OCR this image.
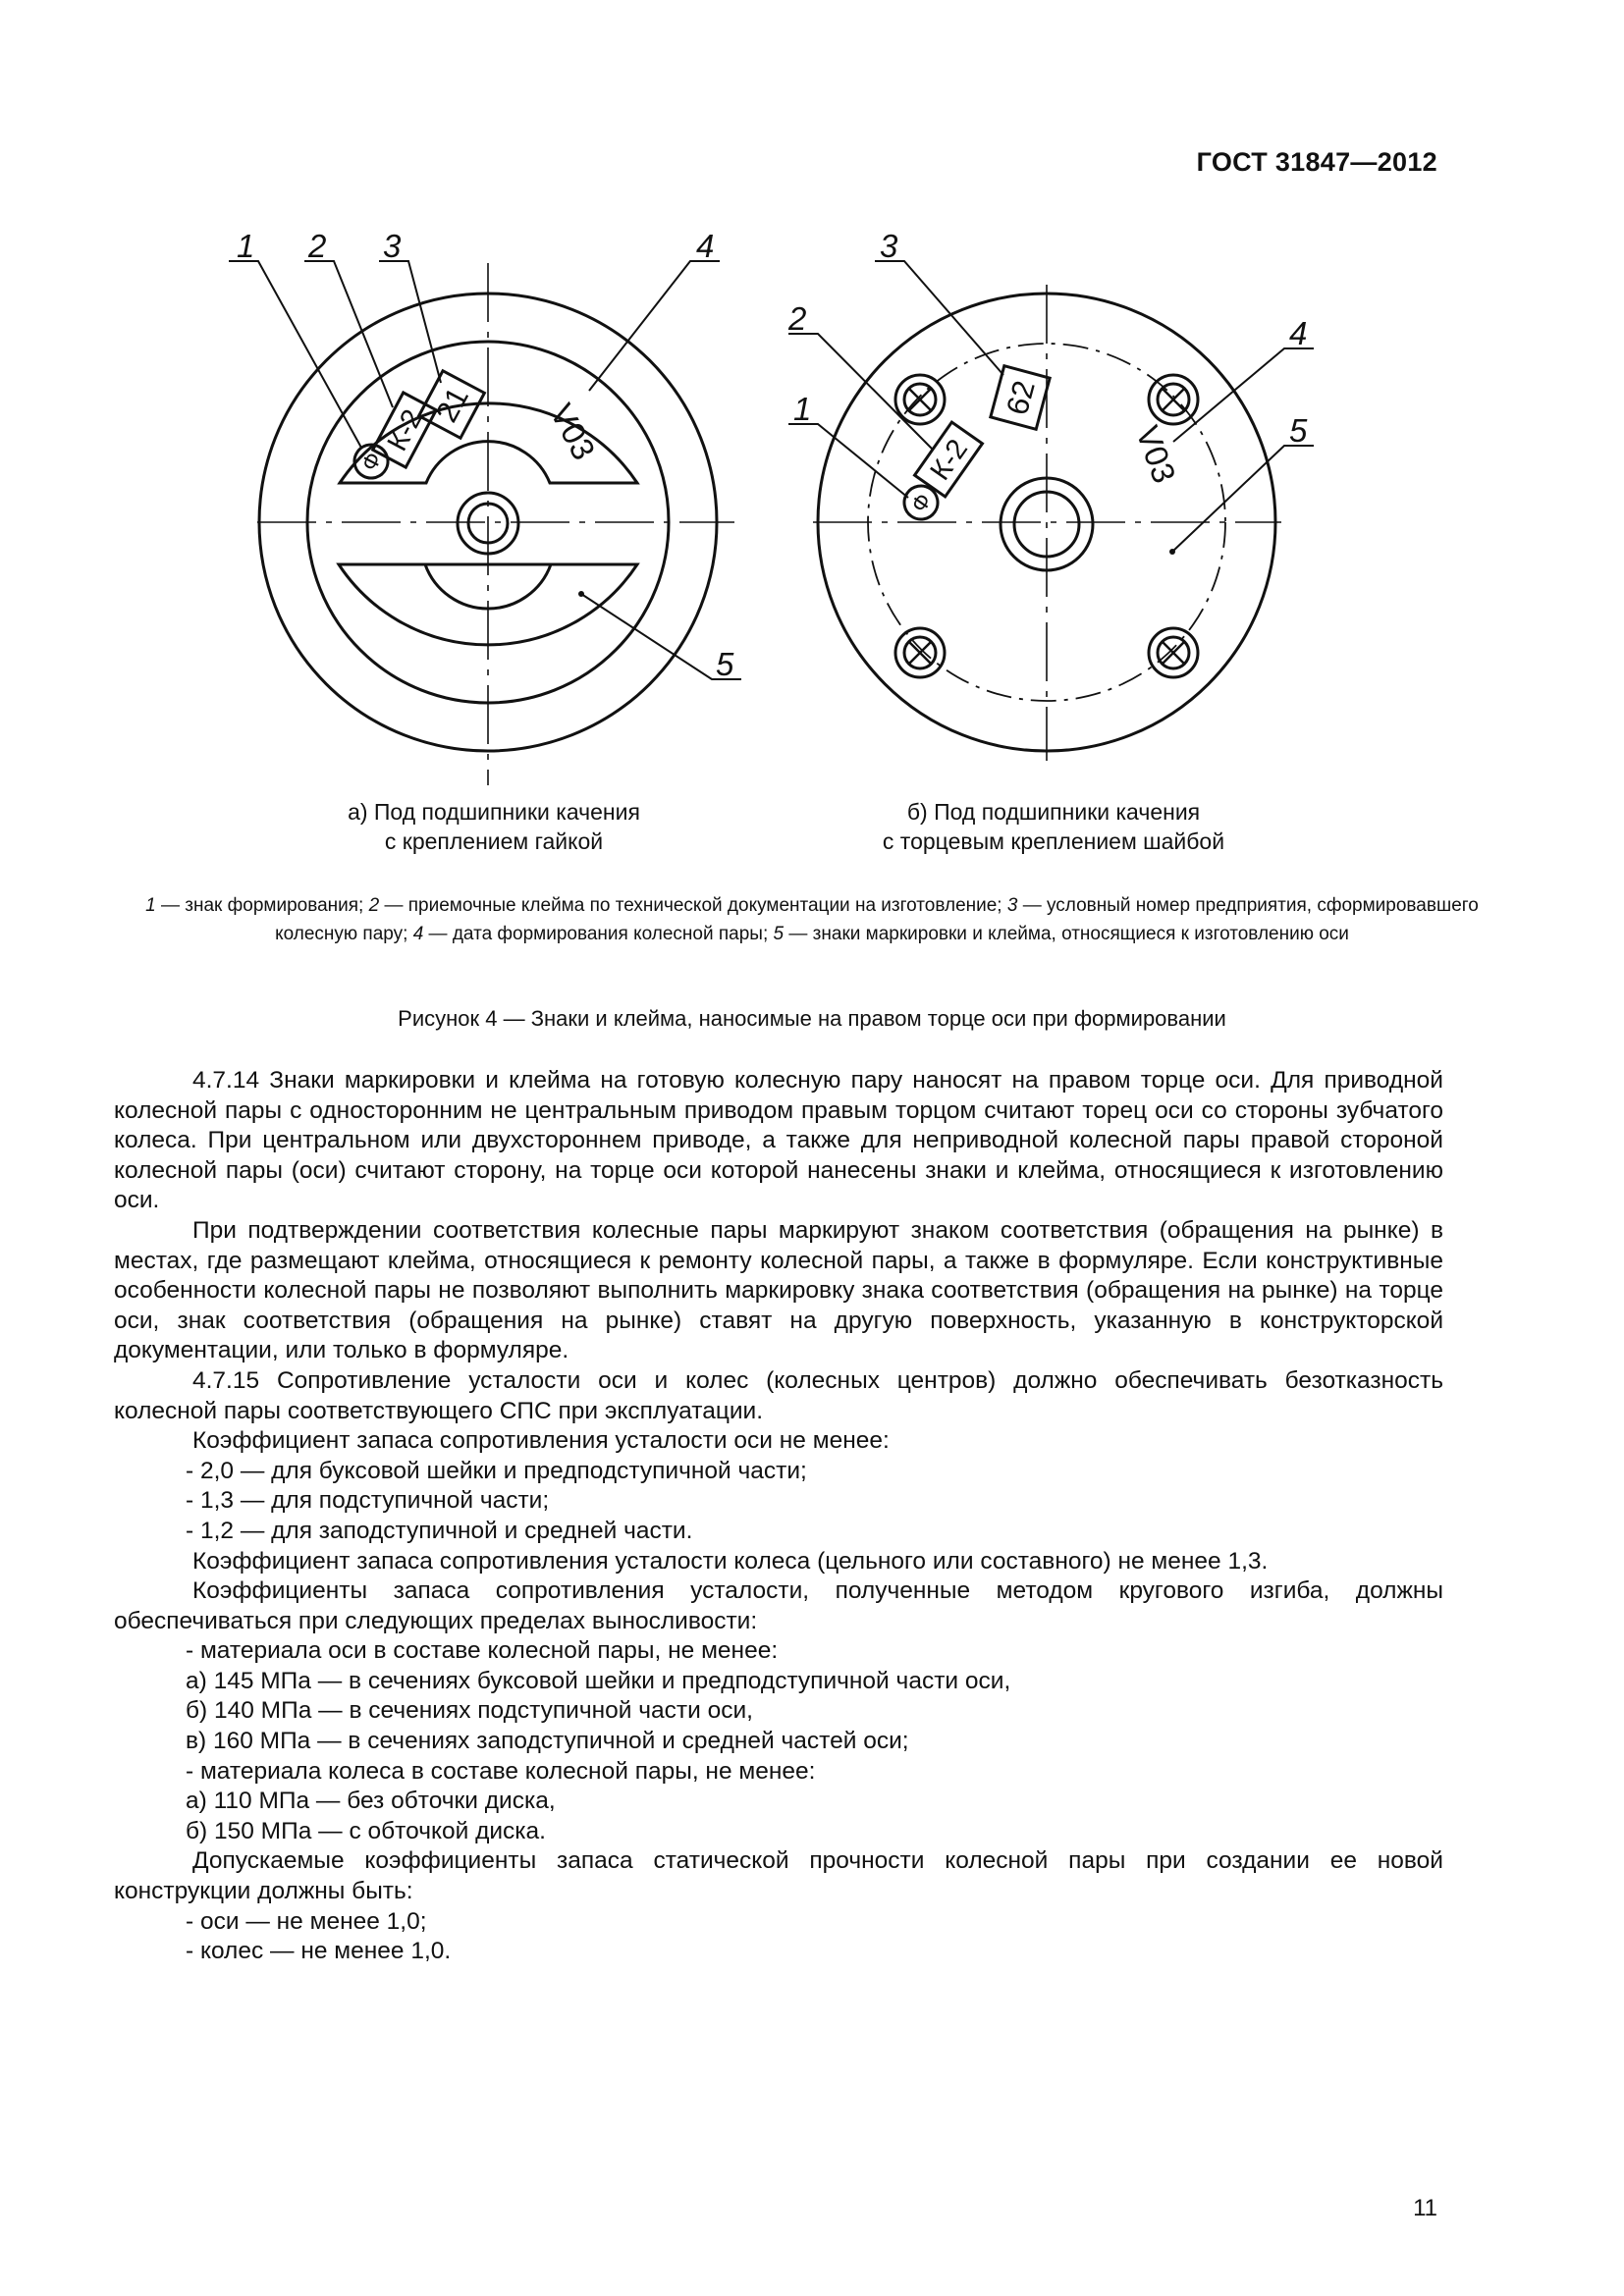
ГОСТ 31847—2012
Ф
К-2 21 V03
1 2 3	4
5
Ф
К-2
62
V03
1
2
3
4
5
а) Под подшипники качения
с креплением гайкой
б) Под подшипники качения
с торцевым креплением шайбой
1 — знак формирования; 2 — приемочные клейма по технической документации на изготовление; 3 — условный номер предприятия, сформировавшего колесную пару; 4 — дата формирования колесной пары; 5 — знаки маркировки и клейма, относящиеся к изготовлению оси
Рисунок 4 — Знаки и клейма, наносимые на правом торце оси при формировании

4.7.14 Знаки маркировки и клейма на готовую колесную пару наносят на правом торце оси. Для приводной колесной пары с односторонним не центральным приводом правым торцом считают торец оси со стороны зубчатого колеса. При центральном или двухстороннем приводе, а также для неприводной колесной пары правой стороной колесной пары (оси) считают сторону, на торце оси которой нанесены знаки и клейма, относящиеся к изготовлению оси.

При подтверждении соответствия колесные пары маркируют знаком соответствия (обращения на рынке) в местах, где размещают клейма, относящиеся к ремонту колесной пары, а также в формуляре. Если конструктивные особенности колесной пары не позволяют выполнить маркировку знака соответствия (обращения на рынке) на торце оси, знак соответствия (обращения на рынке) ставят на другую поверхность, указанную в конструкторской документации, или только в формуляре.

4.7.15 Сопротивление усталости оси и колес (колесных центров) должно обеспечивать безотказность колесной пары соответствующего СПС при эксплуатации.

Коэффициент запаса сопротивления усталости оси не менее:

- 2,0 — для буксовой шейки и предподступичной части;

- 1,3 — для подступичной части;

- 1,2 — для заподступичной и средней части.

Коэффициент запаса сопротивления усталости колеса (цельного или составного) не менее 1,3.

Коэффициенты запаса сопротивления усталости, полученные методом кругового изгиба, должны обеспечиваться при следующих пределах выносливости:

- материала оси в составе колесной пары, не менее:

а) 145 МПа — в сечениях буксовой шейки и предподступичной части оси,

б) 140 МПа — в сечениях подступичной части оси,

в) 160 МПа — в сечениях заподступичной и средней частей оси;

- материала колеса в составе колесной пары, не менее:

а) 110 МПа — без обточки диска,

б) 150 МПа — с обточкой диска.

Допускаемые коэффициенты запаса статической прочности колесной пары при создании ее новой конструкции должны быть:

- оси — не менее 1,0;

- колес — не менее 1,0.

11
